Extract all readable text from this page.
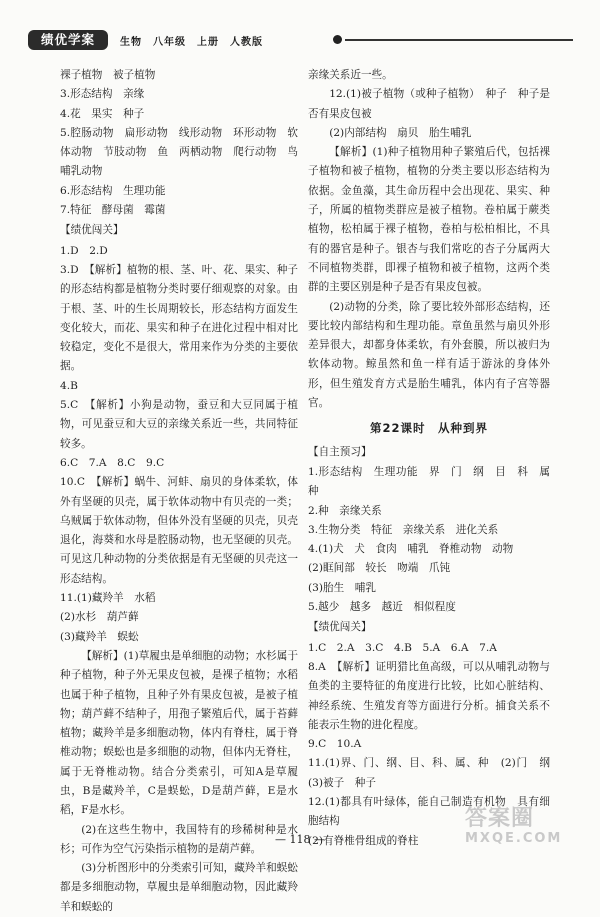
绩优学案	生物　八年级　上册　人教版

裸子植物　被子植物

3.形态结构　亲缘

4.花　果实　种子

5.腔肠动物　扁形动物　线形动物　环形动物　软体动物　节肢动物　鱼　两栖动物　爬行动物　鸟　哺乳动物

6.形态结构　生理功能

7.特征　酵母菌　霉菌

【绩优闯关】

1.D　2.D

3.D　【解析】植物的根、茎、叶、花、果实、种子的形态结构都是植物分类时要仔细观察的对象。由于根、茎、叶的生长周期较长，形态结构方面发生变化较大，而花、果实和种子在进化过程中相对比较稳定，变化不是很大，常用来作为分类的主要依据。

4.B

5.C　【解析】小狗是动物，蚕豆和大豆同属于植物，可见蚕豆和大豆的亲缘关系近一些，共同特征较多。

6.C　7.A　8.C　9.C

10.C　【解析】蜗牛、河蚌、扇贝的身体柔软，体外有坚硬的贝壳，属于软体动物中有贝壳的一类；乌贼属于软体动物，但体外没有坚硬的贝壳，贝壳退化，海葵和水母是腔肠动物，也无坚硬的贝壳。可见这几种动物的分类依据是有无坚硬的贝壳这一形态结构。

11.(1)藏羚羊　水稻

(2)水杉　葫芦藓

(3)藏羚羊　蜈蚣

【解析】(1)草履虫是单细胞的动物；水杉属于种子植物，种子外无果皮包被，是裸子植物；水稻也属于种子植物，且种子外有果皮包被，是被子植物；葫芦藓不结种子，用孢子繁殖后代，属于苔藓植物；藏羚羊是多细胞动物，体内有脊柱，属于脊椎动物；蜈蚣也是多细胞的动物，但体内无脊柱，属于无脊椎动物。结合分类索引，可知A是草履虫，B是藏羚羊，C是蜈蚣，D是葫芦藓，E是水稻，F是水杉。

(2)在这些生物中，我国特有的珍稀树种是水杉；可作为空气污染指示植物的是葫芦藓。

(3)分析图形中的分类索引可知，藏羚羊和蜈蚣都是多细胞动物，草履虫是单细胞动物，因此藏羚羊和蜈蚣的

亲缘关系近一些。

12.(1)被子植物（或种子植物）　种子　种子是否有果皮包被

(2)内部结构　扇贝　胎生哺乳

【解析】(1)种子植物用种子繁殖后代，包括裸子植物和被子植物，植物的分类主要以形态结构为依据。金鱼藻，其生命历程中会出现花、果实、种子，所属的植物类群应是被子植物。卷柏属于蕨类植物，松柏属于裸子植物，卷柏与松柏相比，不具有的器官是种子。银杏与我们常吃的杏子分属两大不同植物类群，即裸子植物和被子植物，这两个类群的主要区别是种子是否有果皮包被。

(2)动物的分类，除了要比较外部形态结构，还要比较内部结构和生理功能。章鱼虽然与扇贝外形差异很大，却都身体柔软，有外套膜，所以被归为软体动物。鲸虽然和鱼一样有适于游泳的身体外形，但生殖发育方式是胎生哺乳，体内有子宫等器官。

第22课时　从种到界

【自主预习】

1.形态结构　生理功能　界　门　纲　目　科　属　种

2.种　亲缘关系

3.生物分类　特征　亲缘关系　进化关系

4.(1)犬　犬　食肉　哺乳　脊椎动物　动物

(2)眶间部　较长　吻端　爪钝

(3)胎生　哺乳

5.越少　越多　越近　相似程度

【绩优闯关】

1.C　2.A　3.C　4.B　5.A　6.A　7.A

8.A　【解析】证明猎比鱼高级，可以从哺乳动物与鱼类的主要特征的角度进行比较，比如心脏结构、神经系统、生殖发育等方面进行分析。捕食关系不能表示生物的进化程度。

9.C　10.A

11.(1)界、门、纲、目、科、属、种　(2)门　纲　(3)被子　种子

12.(1)都具有叶绿体，能自己制造有机物　具有细胞结构

(2)有脊椎骨组成的脊柱

答案圈
MXQE.COM
— 118 —
